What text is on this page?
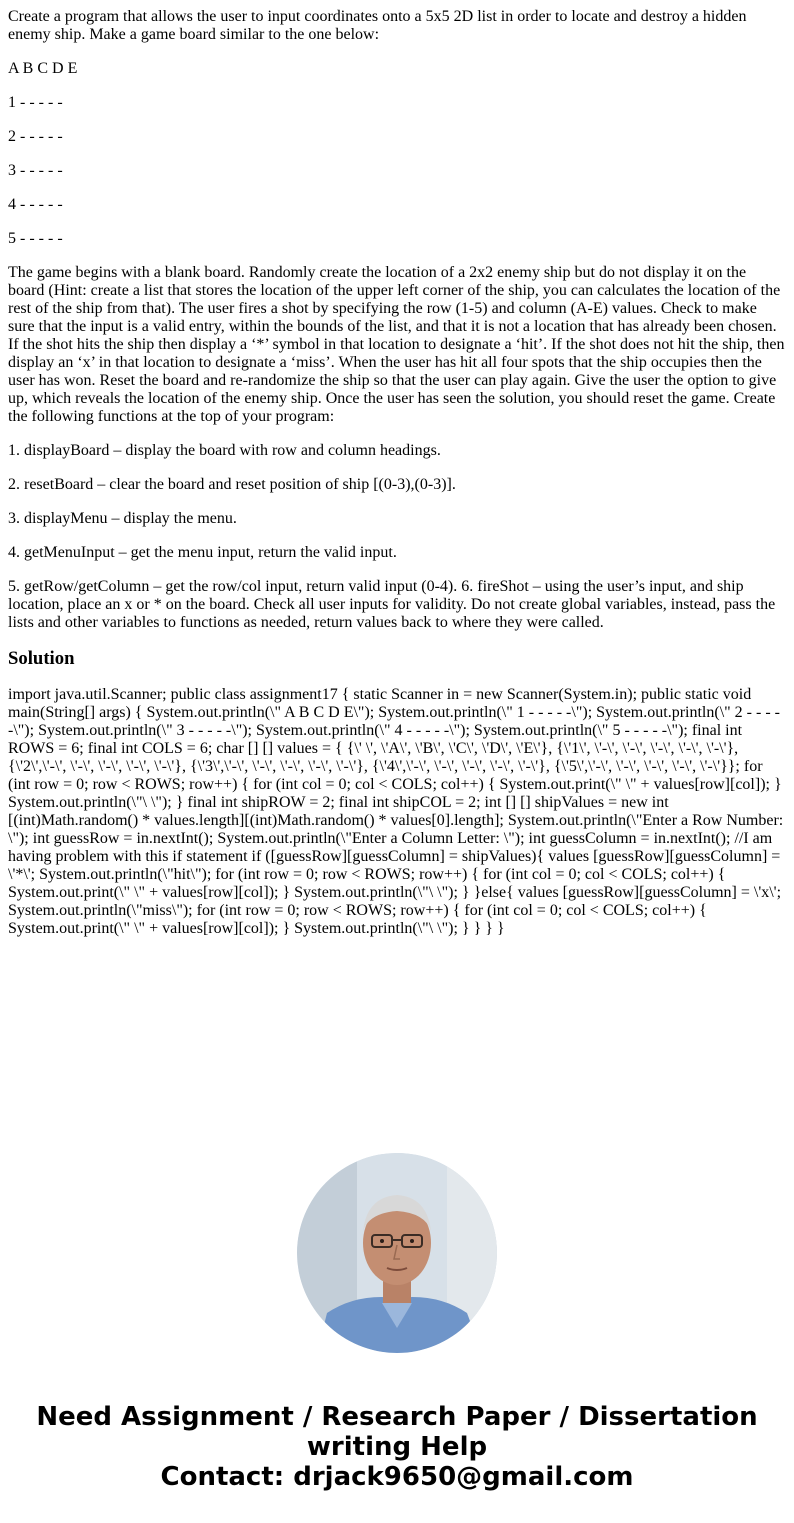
Create a program that allows the user to input coordinates onto a 5x5 2D list in order to locate and destroy a hidden enemy ship. Make a game board similar to the one below:

A B C D E

1 - - - - -

2 - - - - -

3 - - - - -

4 - - - - -

5 - - - - -

The game begins with a blank board. Randomly create the location of a 2x2 enemy ship but do not display it on the board (Hint: create a list that stores the location of the upper left corner of the ship, you can calculates the location of the rest of the ship from that). The user fires a shot by specifying the row (1-5) and column (A-E) values. Check to make sure that the input is a valid entry, within the bounds of the list, and that it is not a location that has already been chosen. If the shot hits the ship then display a ‘*’ symbol in that location to designate a ‘hit’. If the shot does not hit the ship, then display an ‘x’ in that location to designate a ‘miss’. When the user has hit all four spots that the ship occupies then the user has won. Reset the board and re-randomize the ship so that the user can play again. Give the user the option to give up, which reveals the location of the enemy ship. Once the user has seen the solution, you should reset the game. Create the following functions at the top of your program:

1. displayBoard – display the board with row and column headings.

2. resetBoard – clear the board and reset position of ship [(0-3),(0-3)].

3. displayMenu – display the menu.

4. getMenuInput – get the menu input, return the valid input.

5. getRow/getColumn – get the row/col input, return valid input (0-4). 6. fireShot – using the user’s input, and ship location, place an x or * on the board. Check all user inputs for validity. Do not create global variables, instead, pass the lists and other variables to functions as needed, return values back to where they were called.

Solution

import java.util.Scanner; public class assignment17 { static Scanner in = new Scanner(System.in); public static void main(String[] args) { System.out.println(\" A B C D E\"); System.out.println(\" 1 - - - - -\"); System.out.println(\" 2 - - - - -\"); System.out.println(\" 3 - - - - -\"); System.out.println(\" 4 - - - - -\"); System.out.println(\" 5 - - - - -\"); final int ROWS = 6; final int COLS = 6; char [] [] values = { {\' \', \'A\', \'B\', \'C\', \'D\', \'E\'}, {\'1\', \'-\', \'-\', \'-\', \'-\', \'-\'}, {\'2\',\'-\', \'-\', \'-\', \'-\', \'-\'}, {\'3\',\'-\', \'-\', \'-\', \'-\', \'-\'}, {\'4\',\'-\', \'-\', \'-\', \'-\', \'-\'}, {\'5\',\'-\', \'-\', \'-\', \'-\', \'-\'}}; for (int row = 0; row < ROWS; row++) { for (int col = 0; col < COLS; col++) { System.out.print(\" \" + values[row][col]); } System.out.println(\"\ \"); } final int shipROW = 2; final int shipCOL = 2; int [] [] shipValues = new int [(int)Math.random() * values.length][(int)Math.random() * values[0].length]; System.out.println(\"Enter a Row Number: \"); int guessRow = in.nextInt(); System.out.println(\"Enter a Column Letter: \"); int guessColumn = in.nextInt(); //I am having problem with this if statement if ([guessRow][guessColumn] = shipValues){ values [guessRow][guessColumn] = \'*\'; System.out.println(\"hit\"); for (int row = 0; row < ROWS; row++) { for (int col = 0; col < COLS; col++) { System.out.print(\" \" + values[row][col]); } System.out.println(\"\ \"); } }else{ values [guessRow][guessColumn] = \'x\'; System.out.println(\"miss\"); for (int row = 0; row < ROWS; row++) { for (int col = 0; col < COLS; col++) { System.out.print(\" \" + values[row][col]); } System.out.println(\"\ \"); } } } }

Need Assignment / Research Paper / Dissertation
writing Help
Contact: drjack9650@gmail.com
